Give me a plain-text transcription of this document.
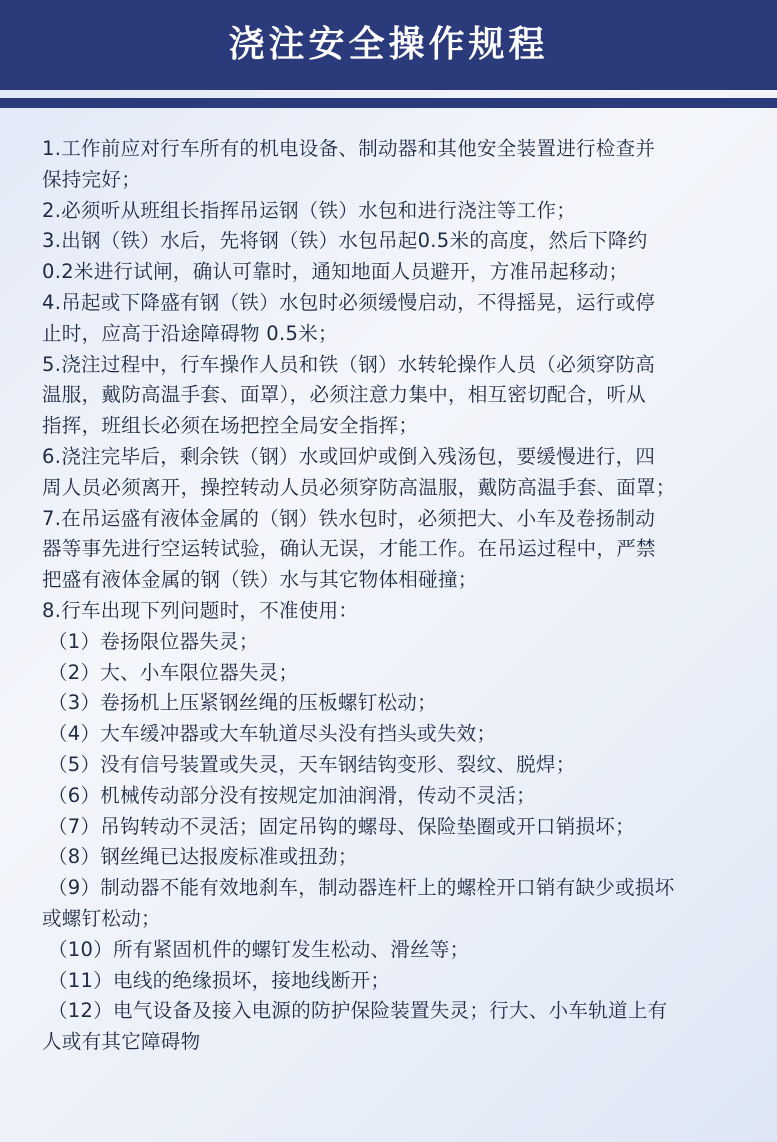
浇注安全操作规程
1.工作前应对行车所有的机电设备、制动器和其他安全装置进行检查并
保持完好；
2.必须听从班组长指挥吊运钢（铁）水包和进行浇注等工作；
3.出钢（铁）水后，先将钢（铁）水包吊起0.5米的高度，然后下降约
0.2米进行试闸，确认可靠时，通知地面人员避开，方准吊起移动；
4.吊起或下降盛有钢（铁）水包时必须缓慢启动，不得摇晃，运行或停
止时，应高于沿途障碍物 0.5米；
5.浇注过程中，行车操作人员和铁（钢）水转轮操作人员（必须穿防高
温服，戴防高温手套、面罩），必须注意力集中，相互密切配合，听从
指挥，班组长必须在场把控全局安全指挥；
6.浇注完毕后，剩余铁（钢）水或回炉或倒入残汤包，要缓慢进行，四
周人员必须离开，操控转动人员必须穿防高温服，戴防高温手套、面罩；
7.在吊运盛有液体金属的（钢）铁水包时，必须把大、小车及卷扬制动
器等事先进行空运转试验，确认无误，才能工作。在吊运过程中，严禁
把盛有液体金属的钢（铁）水与其它物体相碰撞；
8.行车出现下列问题时，不准使用：
（1）卷扬限位器失灵；
（2）大、小车限位器失灵；
（3）卷扬机上压紧钢丝绳的压板螺钉松动；
（4）大车缓冲器或大车轨道尽头没有挡头或失效；
（5）没有信号装置或失灵，天车钢结钩变形、裂纹、脱焊；
（6）机械传动部分没有按规定加油润滑，传动不灵活；
（7）吊钩转动不灵活；固定吊钩的螺母、保险垫圈或开口销损坏；
（8）钢丝绳已达报废标准或扭劲；
（9）制动器不能有效地刹车，制动器连杆上的螺栓开口销有缺少或损坏
或螺钉松动；
（10）所有紧固机件的螺钉发生松动、滑丝等；
（11）电线的绝缘损坏，接地线断开；
（12）电气设备及接入电源的防护保险装置失灵；行大、小车轨道上有
人或有其它障碍物
